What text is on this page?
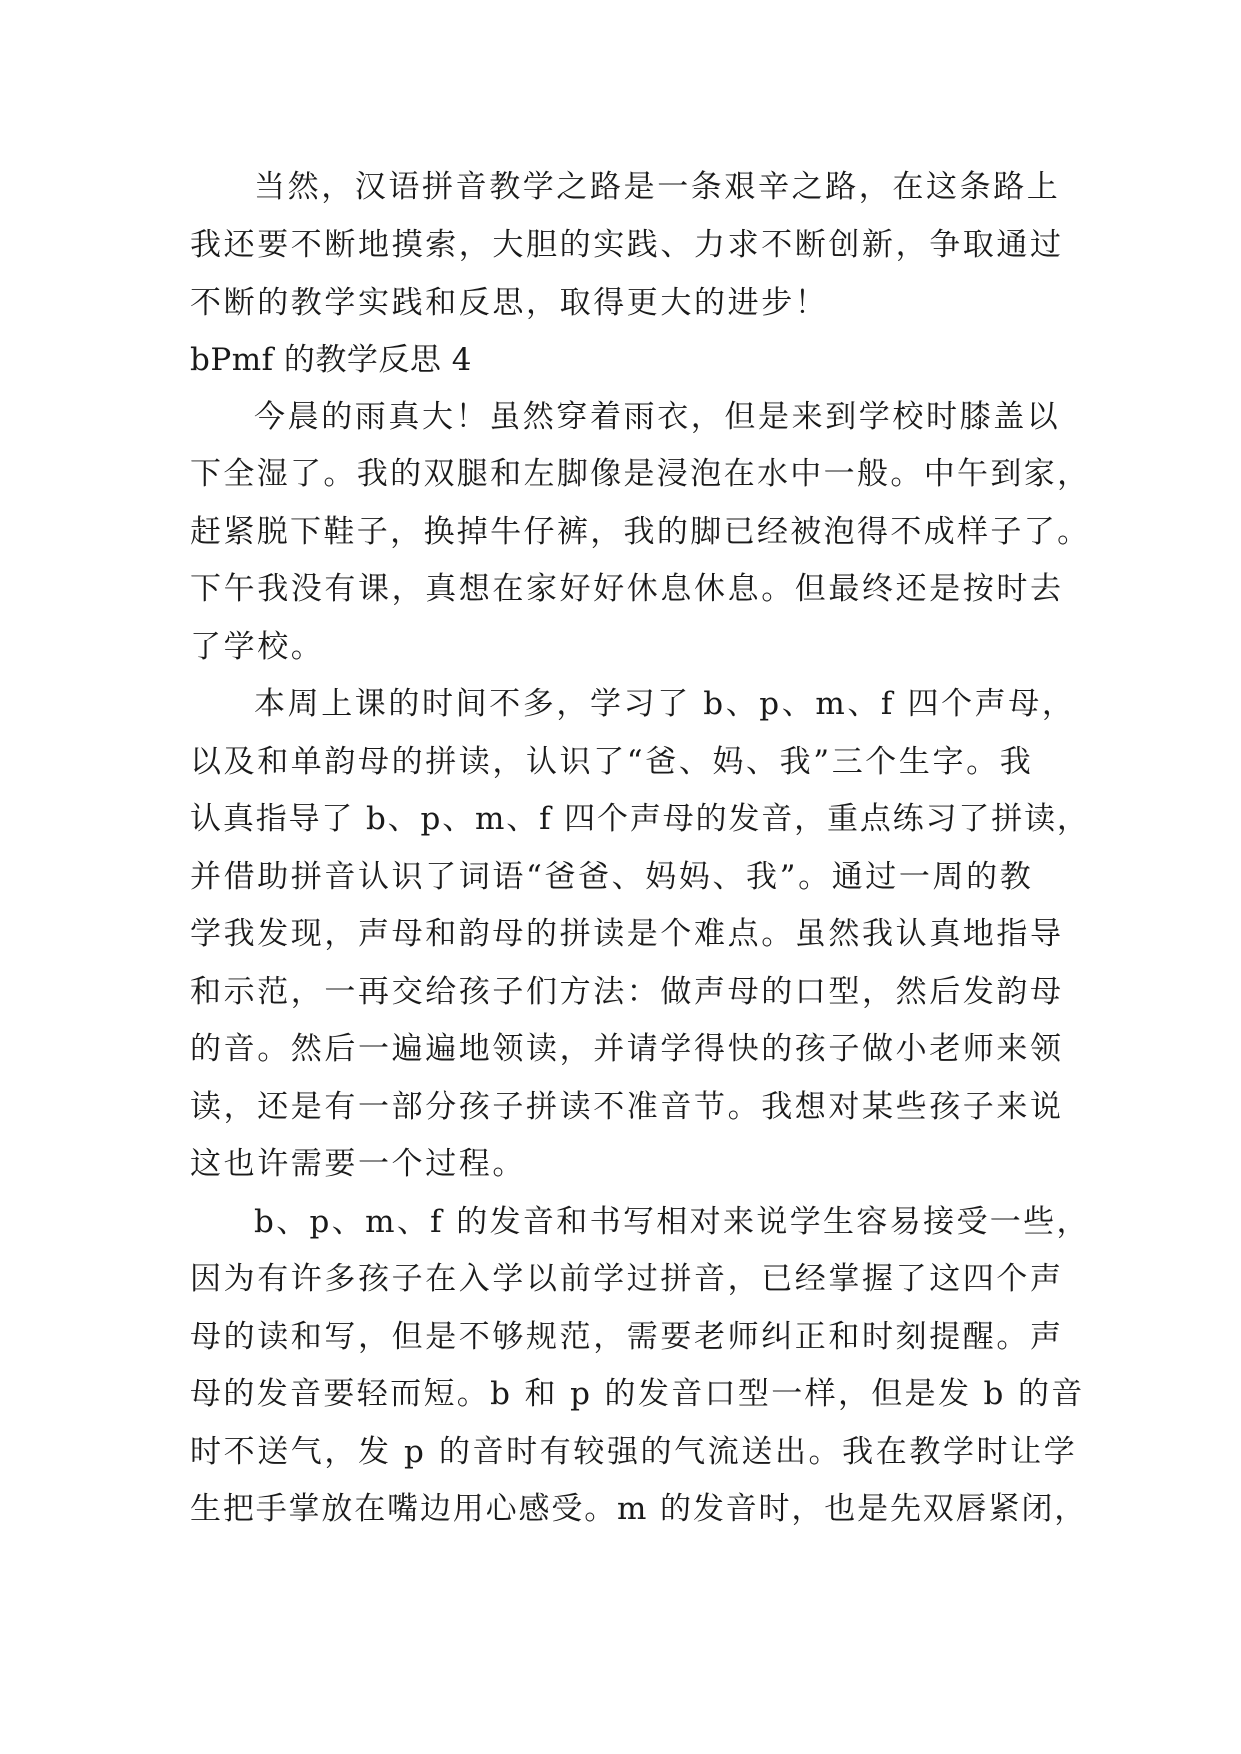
当然，汉语拼音教学之路是一条艰辛之路，在这条路上
我还要不断地摸索，大胆的实践、力求不断创新，争取通过
不断的教学实践和反思，取得更大的进步！
bPmf 的教学反思 4
今晨的雨真大！虽然穿着雨衣，但是来到学校时膝盖以
下全湿了。我的双腿和左脚像是浸泡在水中一般。中午到家，
赶紧脱下鞋子，换掉牛仔裤，我的脚已经被泡得不成样子了。
下午我没有课，真想在家好好休息休息。但最终还是按时去
了学校。
本周上课的时间不多，学习了 b、p、m、f 四个声母，
以及和单韵母的拼读，认识了“爸、妈、我”三个生字。我
认真指导了 b、p、m、f 四个声母的发音，重点练习了拼读，
并借助拼音认识了词语“爸爸、妈妈、我”。通过一周的教
学我发现，声母和韵母的拼读是个难点。虽然我认真地指导
和示范，一再交给孩子们方法：做声母的口型，然后发韵母
的音。然后一遍遍地领读，并请学得快的孩子做小老师来领
读，还是有一部分孩子拼读不准音节。我想对某些孩子来说
这也许需要一个过程。
b、p、m、f 的发音和书写相对来说学生容易接受一些，
因为有许多孩子在入学以前学过拼音，已经掌握了这四个声
母的读和写，但是不够规范，需要老师纠正和时刻提醒。声
母的发音要轻而短。b 和 p 的发音口型一样，但是发 b 的音
时不送气，发 p 的音时有较强的气流送出。我在教学时让学
生把手掌放在嘴边用心感受。m 的发音时，也是先双唇紧闭，
